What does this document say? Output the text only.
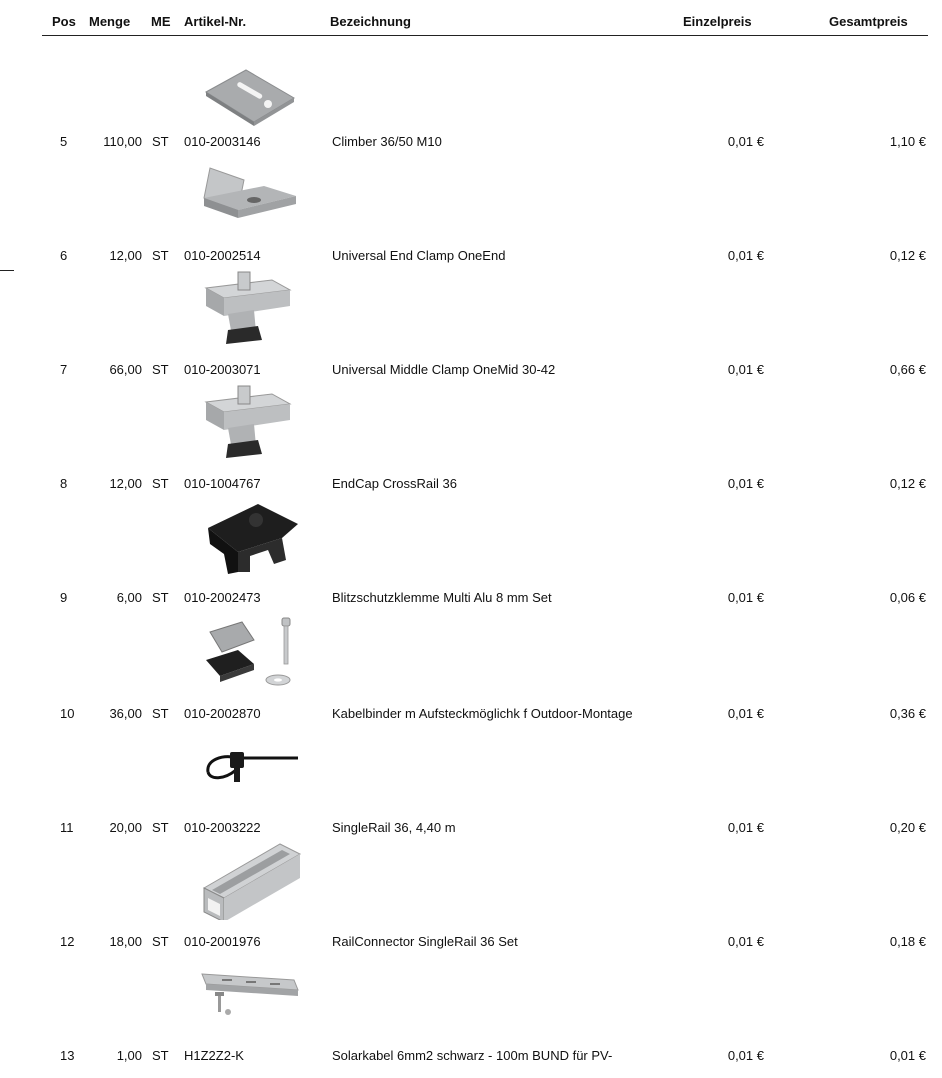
Pos Menge ME Artikel-Nr.	Bezeichnung	Einzelpreis	Gesamtpreis
5	110,00 ST 010-2003146	Climber 36/50 M10	0,01 €	1,10 €
6	12,00 ST 010-2002514	Universal End Clamp OneEnd	0,01 €	0,12 €
7	66,00 ST 010-2003071	Universal Middle Clamp OneMid 30-42	0,01 €	0,66 €
8	12,00 ST 010-1004767	EndCap CrossRail 36	0,01 €	0,12 €
9	6,00 ST 010-2002473	Blitzschutzklemme Multi Alu 8 mm Set	0,01 €	0,06 €
10	36,00 ST 010-2002870	Kabelbinder m Aufsteckmöglichk f Outdoor-Montage	0,01 €	0,36 €
11	20,00 ST 010-2003222	SingleRail 36, 4,40 m	0,01 €	0,20 €
12	18,00 ST 010-2001976	RailConnector SingleRail 36 Set	0,01 €	0,18 €
13	1,00 ST H1Z2Z2-K	Solarkabel 6mm2 schwarz - 100m BUND für PV-	0,01 €	0,01 €
